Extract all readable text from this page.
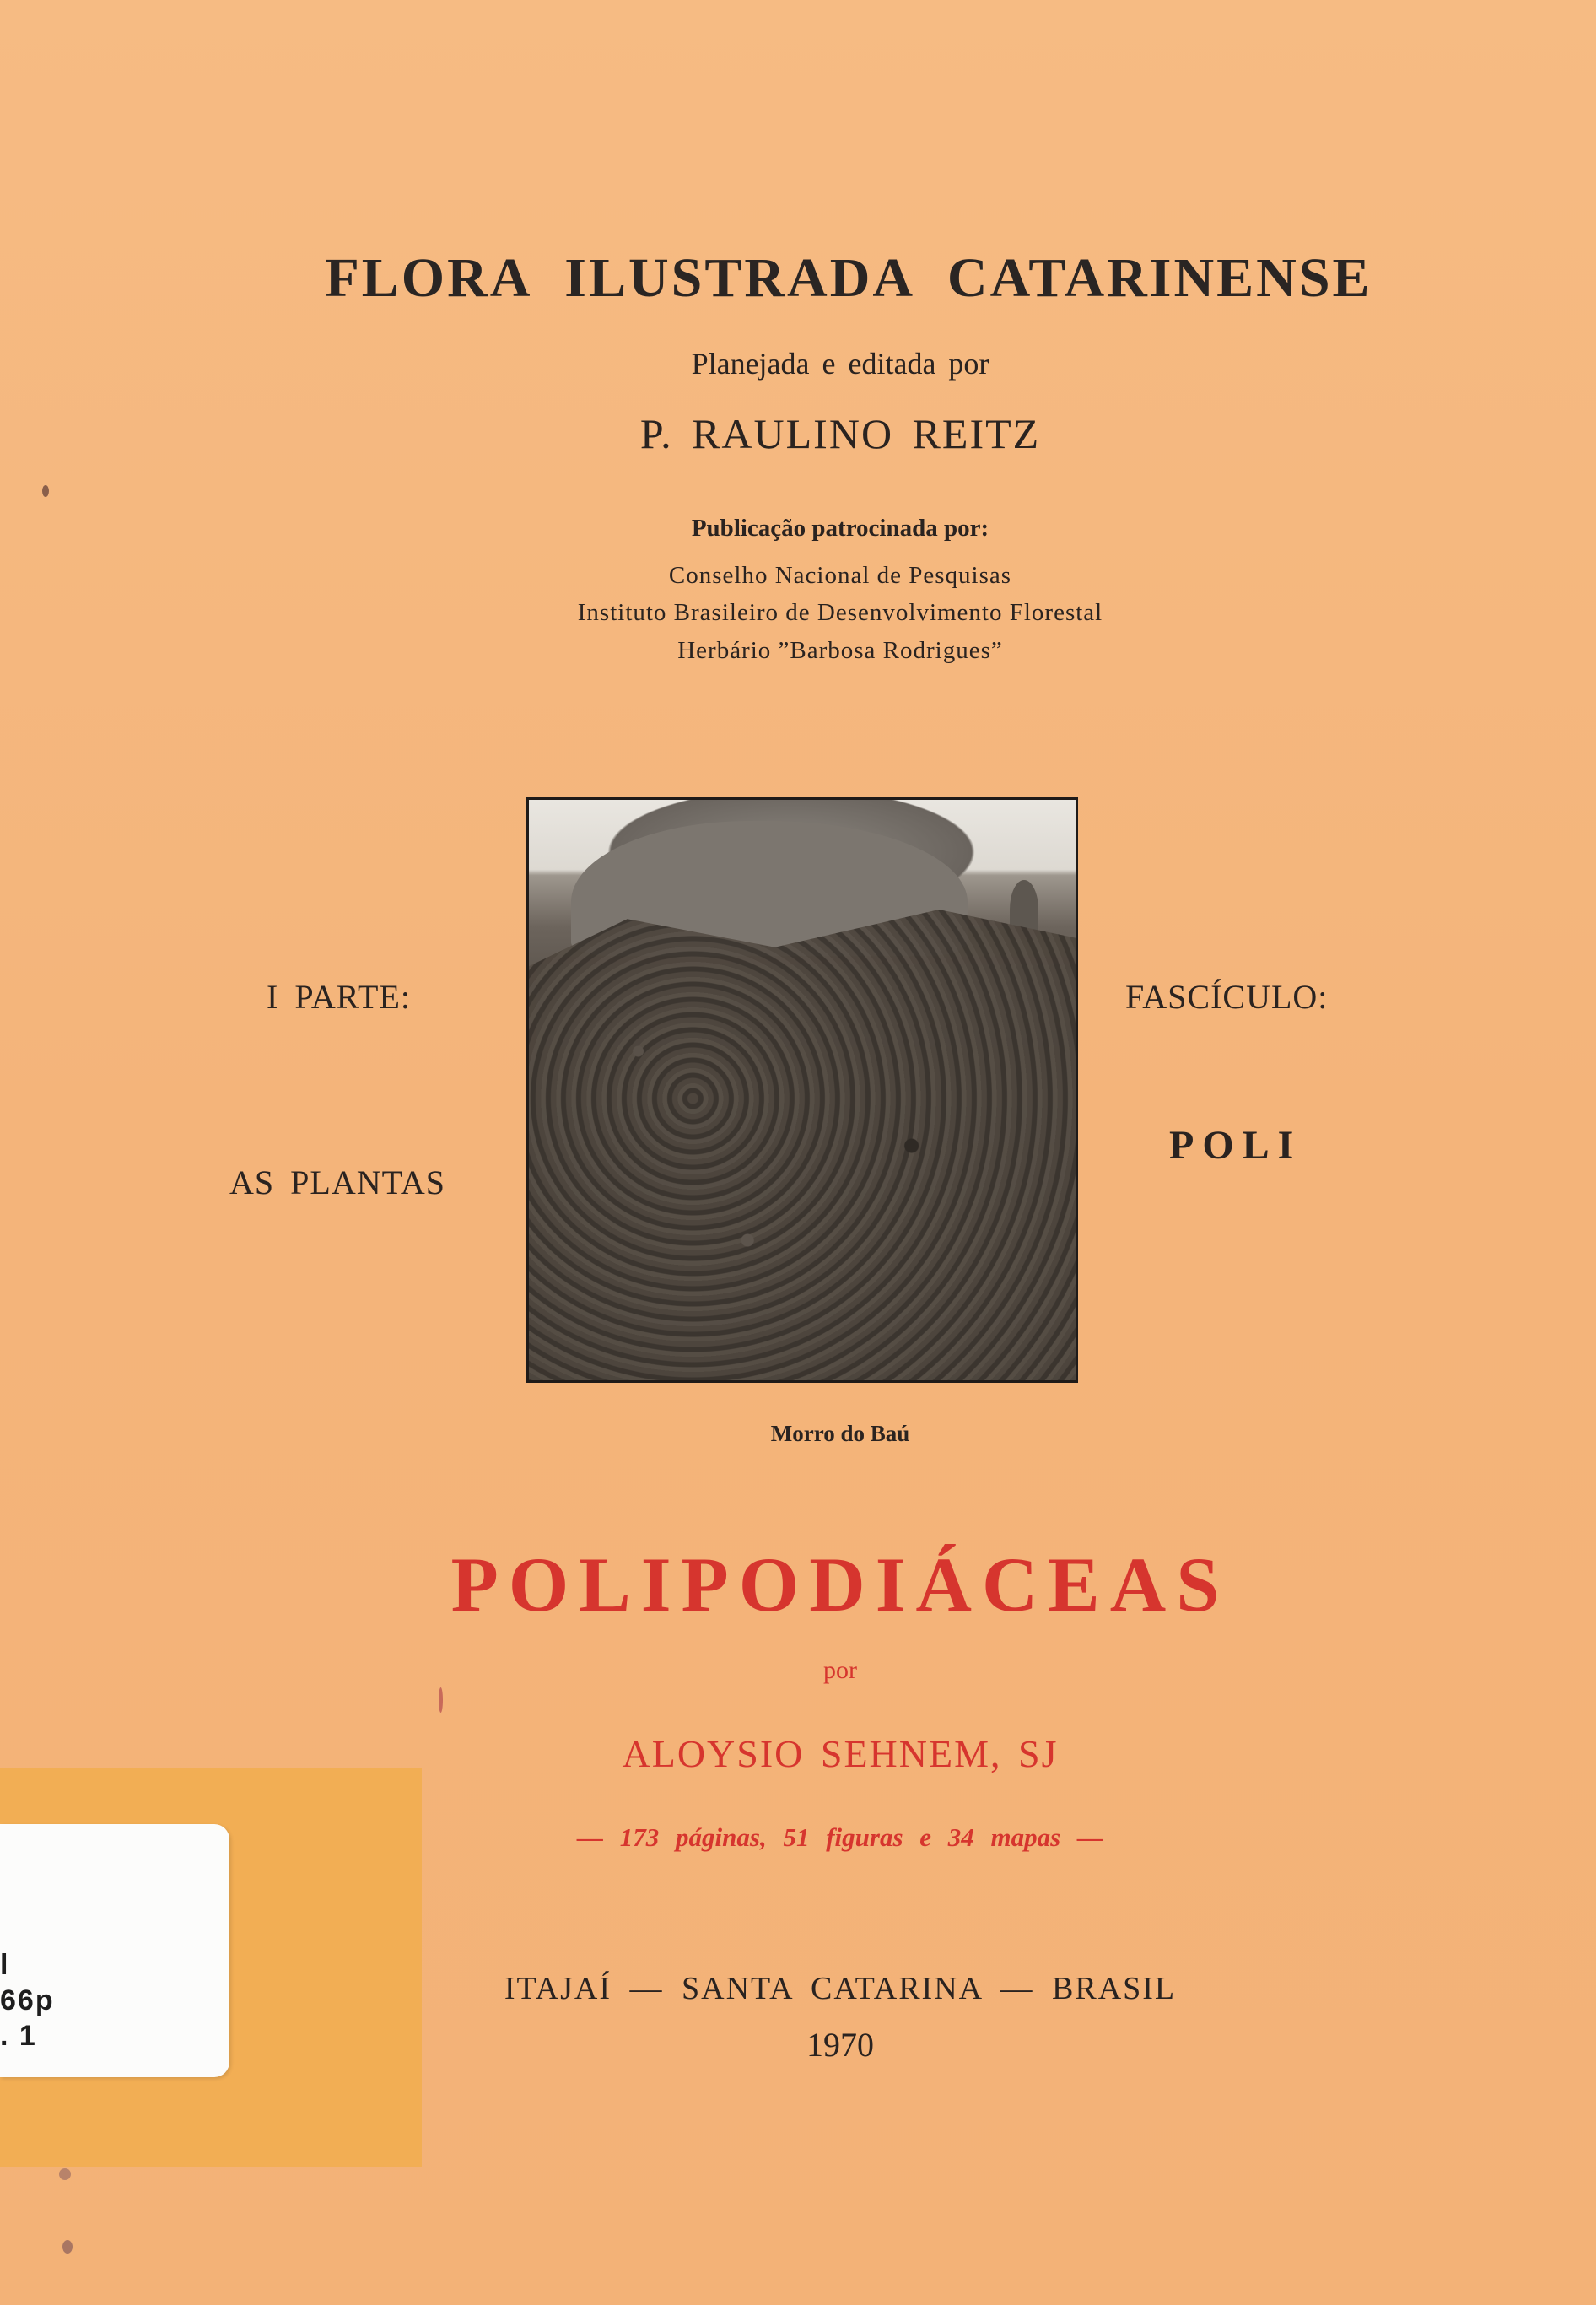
FLORA ILUSTRADA CATARINENSE
Planejada e editada por
P. RAULINO REITZ
Publicação patrocinada por:
Conselho Nacional de Pesquisas
Instituto Brasileiro de Desenvolvimento Florestal
Herbário ”Barbosa Rodrigues”
I PARTE:
AS PLANTAS
FASCÍCULO:
POLI
Morro do Baú
POLIPODIÁCEAS
por
ALOYSIO SEHNEM, SJ
— 173 páginas, 51 figuras e 34 mapas —
ITAJAÍ — SANTA CATARINA — BRASIL
1970
l
66p
. 1
